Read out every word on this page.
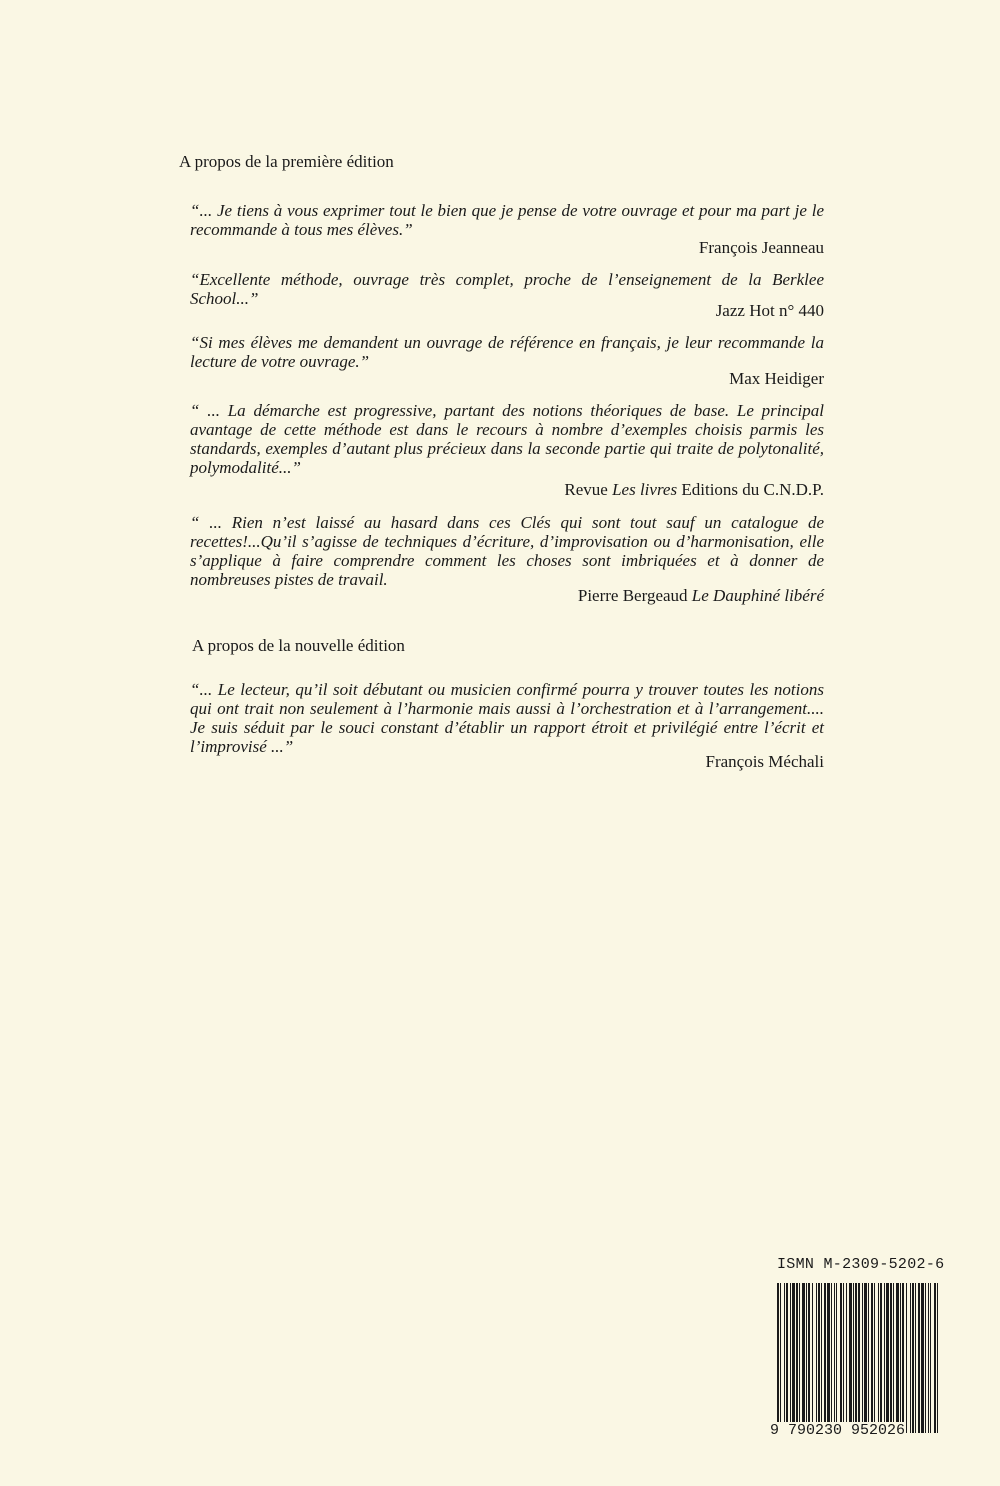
A propos de la première édition
“... Je tiens à vous exprimer tout le bien que je pense de votre ouvrage et pour ma part je le recommande à tous mes élèves.”
François Jeanneau
“Excellente méthode, ouvrage très complet, proche de l’enseignement de la Berklee School...”
Jazz Hot n° 440
“Si mes élèves me demandent un ouvrage de référence en français, je leur recommande la lecture de votre ouvrage.”
Max Heidiger
“ ... La démarche est progressive, partant des notions théoriques de base. Le principal avantage de cette méthode est dans le recours à nombre d’exemples choisis parmis les standards, exemples d’autant plus précieux dans la seconde partie qui traite de polytonalité, polymodalité...”
Revue Les livres Editions du C.N.D.P.
“ ... Rien n’est laissé au hasard dans ces Clés qui sont tout sauf un catalogue de recettes!...Qu’il s’agisse de techniques d’écriture, d’improvisation ou d’harmonisation, elle s’applique à faire comprendre comment les choses sont imbriquées et à donner de nombreuses pistes de travail.
Pierre Bergeaud Le Dauphiné libéré
A propos de la nouvelle édition
“... Le lecteur, qu’il soit débutant ou musicien confirmé pourra y trouver toutes les notions qui ont trait non seulement à l’harmonie mais aussi à l’orchestration et à l’arrangement.... Je suis séduit par le souci constant d’établir un rapport étroit et privilégié entre l’écrit et l’improvisé ...”
François Méchali
ISMN M-2309-5202-6
9 790230 952026
